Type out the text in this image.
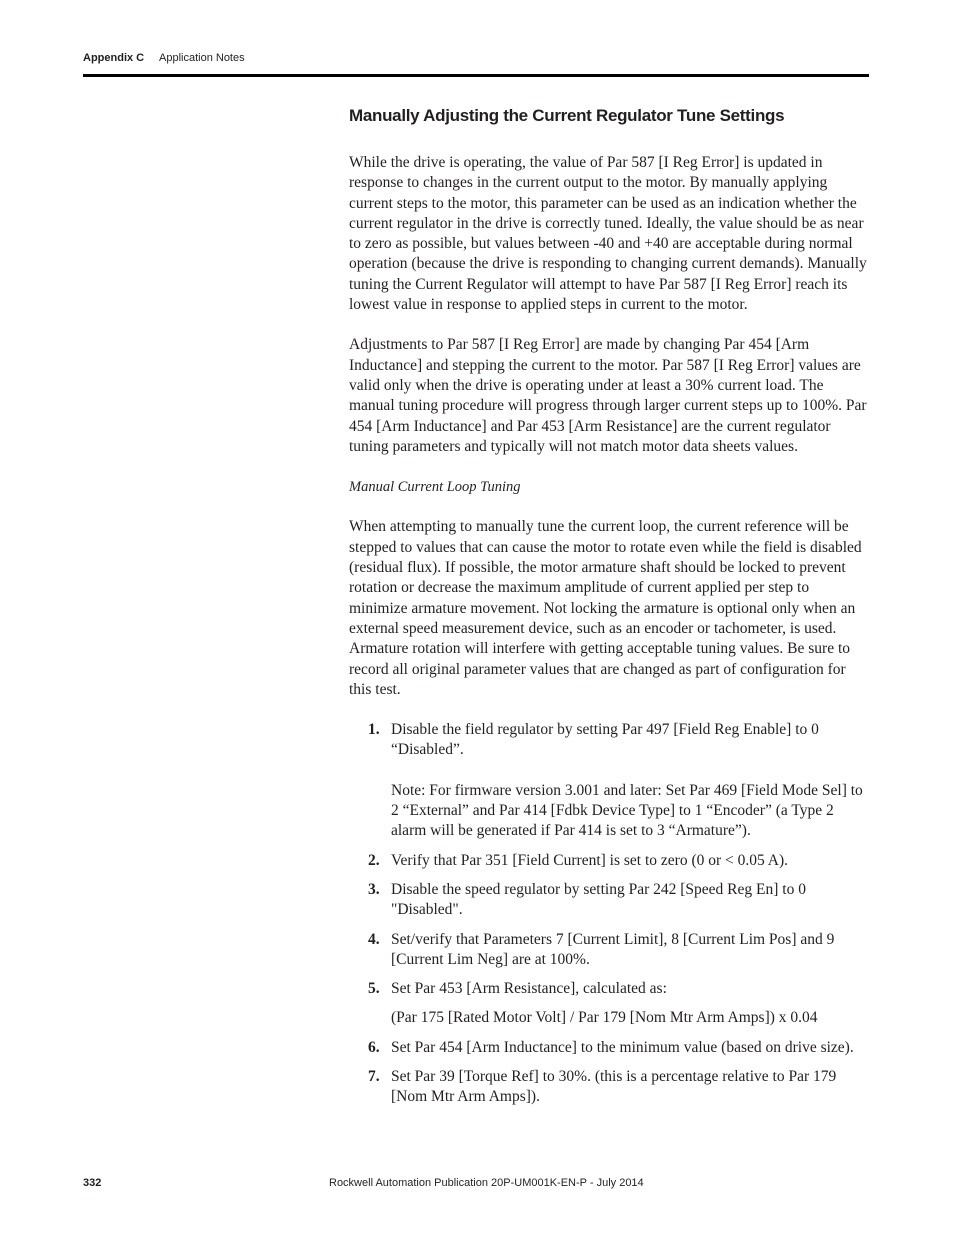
Appendix C Application Notes
Manually Adjusting the Current Regulator Tune Settings

While the drive is operating, the value of Par 587 [I Reg Error] is updated in response to changes in the current output to the motor. By manually applying current steps to the motor, this parameter can be used as an indication whether the current regulator in the drive is correctly tuned. Ideally, the value should be as near to zero as possible, but values between -40 and +40 are acceptable during normal operation (because the drive is responding to changing current demands). Manually tuning the Current Regulator will attempt to have Par 587 [I Reg Error] reach its lowest value in response to applied steps in current to the motor.

Adjustments to Par 587 [I Reg Error] are made by changing Par 454 [Arm Inductance] and stepping the current to the motor. Par 587 [I Reg Error] values are valid only when the drive is operating under at least a 30% current load. The manual tuning procedure will progress through larger current steps up to 100%. Par 454 [Arm Inductance] and Par 453 [Arm Resistance] are the current regulator tuning parameters and typically will not match motor data sheets values.

Manual Current Loop Tuning

When attempting to manually tune the current loop, the current reference will be stepped to values that can cause the motor to rotate even while the field is disabled (residual flux). If possible, the motor armature shaft should be locked to prevent rotation or decrease the maximum amplitude of current applied per step to minimize armature movement. Not locking the armature is optional only when an external speed measurement device, such as an encoder or tachometer, is used. Armature rotation will interfere with getting acceptable tuning values. Be sure to record all original parameter values that are changed as part of configuration for this test.

1. Disable the field regulator by setting Par 497 [Field Reg Enable] to 0 “Disabled”.
Note: For firmware version 3.001 and later: Set Par 469 [Field Mode Sel] to 2 “External” and Par 414 [Fdbk Device Type] to 1 “Encoder” (a Type 2 alarm will be generated if Par 414 is set to 3 “Armature”).
2. Verify that Par 351 [Field Current] is set to zero (0 or < 0.05 A).
3. Disable the speed regulator by setting Par 242 [Speed Reg En] to 0 "Disabled".
4. Set/verify that Parameters 7 [Current Limit], 8 [Current Lim Pos] and 9 [Current Lim Neg] are at 100%.
5. Set Par 453 [Arm Resistance], calculated as:
(Par 175 [Rated Motor Volt] / Par 179 [Nom Mtr Arm Amps]) x 0.04
6. Set Par 454 [Arm Inductance] to the minimum value (based on drive size).
7. Set Par 39 [Torque Ref] to 30%. (this is a percentage relative to Par 179 [Nom Mtr Arm Amps]).
332	Rockwell Automation Publication 20P-UM001K-EN-P - July 2014
